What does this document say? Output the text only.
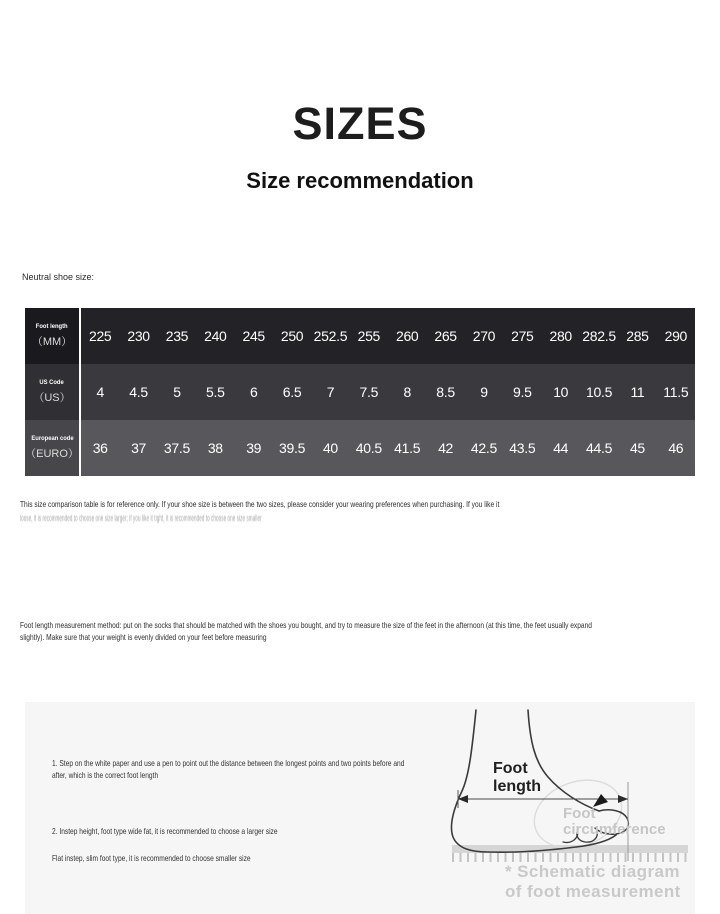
SIZES
Size recommendation
Neutral shoe size:
Foot length
（MM）	225	230	235	240	245	250 252.5 255	260	265	270	275	280 282.5 285	290
US Code
（US）	4	4.5	5	5.5	6	6.5	7	7.5	8	8.5	9	9.5	10	10.5	11	11.5
European code
（EURO） 36	37	37.5	38	39	39.5	40	40.5 41.5	42	42.5 43.5	44	44.5	45	46
This size comparison table is for reference only. If your shoe size is between the two sizes, please consider your wearing preferences when purchasing. If you like it
loose, it is recommended to choose one size larger; if you like it tight, it is recommended to choose one size smaller
Foot length measurement method: put on the socks that should be matched with the shoes you bought, and try to measure the size of the feet in the afternoon (at this time, the feet usually expand slightly). Make sure that your weight is evenly divided on your feet before measuring
1. Step on the white paper and use a pen to point out the distance between the longest points and two points before and after, which is the correct foot length
2. Instep height, foot type wide fat, it is recommended to choose a larger size
Flat instep, slim foot type, it is recommended to choose smaller size
Foot length
Foot circumference
* Schematic diagram of foot measurement
